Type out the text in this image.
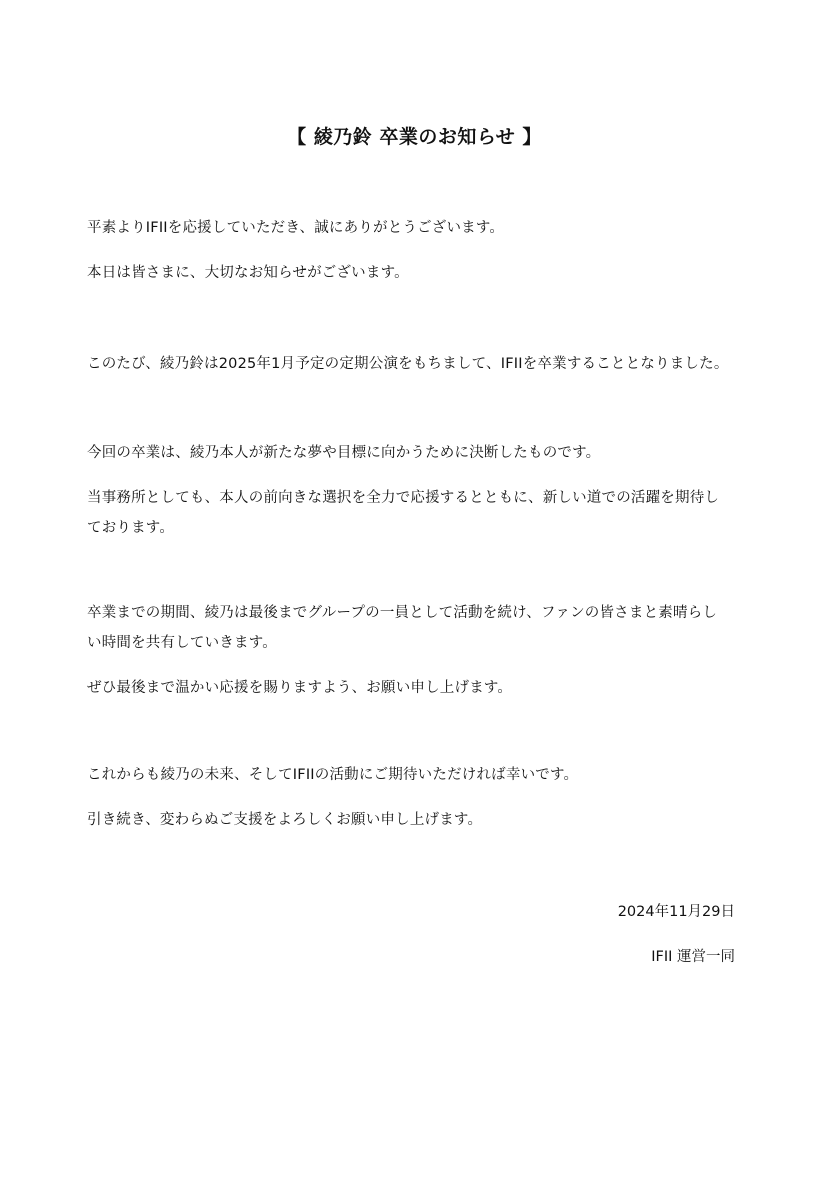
【 綾乃鈴 卒業のお知らせ 】
平素よりIFIIを応援していただき、誠にありがとうございます。
本日は皆さまに、大切なお知らせがございます。
このたび、綾乃鈴は2025年1月予定の定期公演をもちまして、IFIIを卒業することとなりました。
今回の卒業は、綾乃本人が新たな夢や目標に向かうために決断したものです。
当事務所としても、本人の前向きな選択を全力で応援するとともに、新しい道での活躍を期待し
ております。
卒業までの期間、綾乃は最後までグループの一員として活動を続け、ファンの皆さまと素晴らし
い時間を共有していきます。
ぜひ最後まで温かい応援を賜りますよう、お願い申し上げます。
これからも綾乃の未来、そしてIFIIの活動にご期待いただければ幸いです。
引き続き、変わらぬご支援をよろしくお願い申し上げます。
2024年11月29日
IFII 運営一同
